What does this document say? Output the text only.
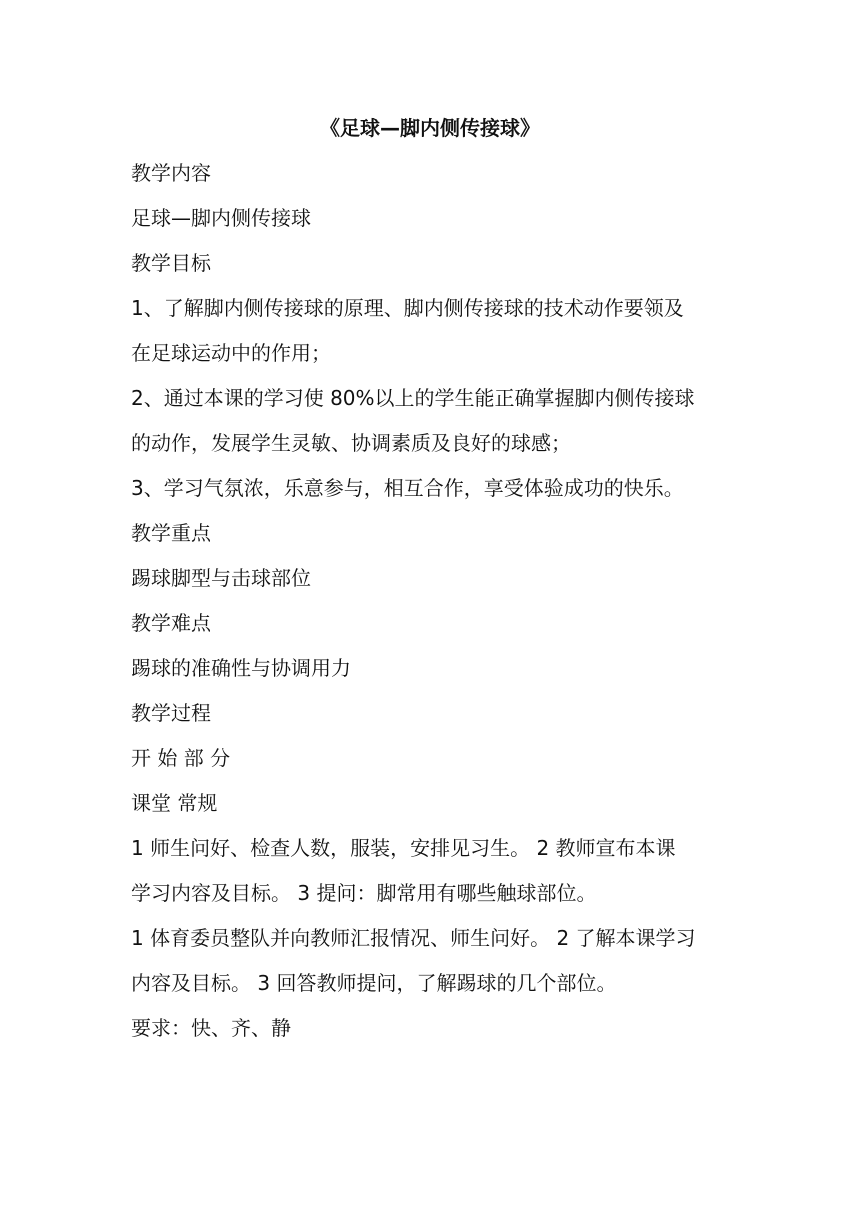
《足球—脚内侧传接球》
教学内容
足球—脚内侧传接球
教学目标
1、了解脚内侧传接球的原理、脚内侧传接球的技术动作要领及
在足球运动中的作用；
2、通过本课的学习使 80%以上的学生能正确掌握脚内侧传接球
的动作，发展学生灵敏、协调素质及良好的球感；
3、学习气氛浓，乐意参与，相互合作，享受体验成功的快乐。
教学重点
踢球脚型与击球部位
教学难点
踢球的准确性与协调用力
教学过程
开 始 部 分
课堂 常规
1 师生问好、检查人数，服装，安排见习生。 2 教师宣布本课
学习内容及目标。 3 提问：脚常用有哪些触球部位。
1 体育委员整队并向教师汇报情况、师生问好。 2 了解本课学习
内容及目标。 3 回答教师提问，了解踢球的几个部位。
要求：快、齐、静
